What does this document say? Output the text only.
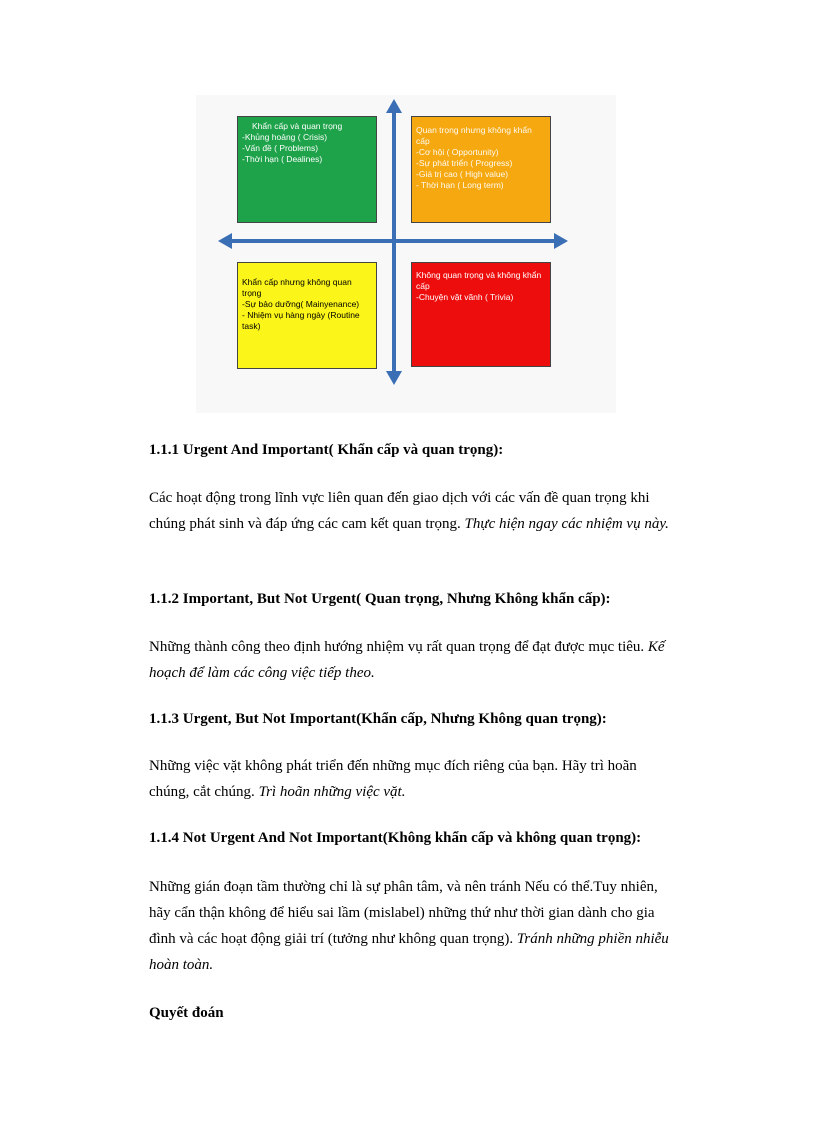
Khẩn cấp và quan trọng
-Khủng hoảng ( Crisis)
-Vấn đề ( Problems)
-Thời hạn ( Dealines)
Quan trọng nhưng không khẩn cấp
-Cơ hội ( Opportunity)
-Sự phát triển ( Progress)
-Giá trị cao ( High value)
- Thời hạn ( Long term)
Khẩn cấp nhưng không quan trọng
-Sự bảo dưỡng( Mainyenance)
- Nhiệm vụ hàng ngày (Routine task)
Không quan trọng và không khẩn cấp
-Chuyện vặt vãnh ( Trivia)
1.1.1 Urgent And Important( Khẩn cấp và quan trọng):
Các hoạt động trong lĩnh vực liên quan đến giao dịch với các vấn đề quan trọng khi chúng phát sinh và đáp ứng các cam kết quan trọng. Thực hiện ngay các nhiệm vụ này.
1.1.2 Important, But Not Urgent( Quan trọng, Nhưng Không khẩn cấp):
Những thành công theo định hướng nhiệm vụ rất quan trọng để đạt được mục tiêu. Kế hoạch để làm các công việc tiếp theo.
1.1.3 Urgent, But Not Important(Khẩn cấp, Nhưng Không quan trọng):
Những việc vặt không phát triển đến những mục đích riêng của bạn. Hãy trì hoãn chúng, cắt chúng. Trì hoãn những việc vặt.
1.1.4 Not Urgent And Not Important(Không khẩn cấp và không quan trọng):
Những gián đoạn tầm thường chỉ là sự phân tâm, và nên tránh Nếu có thể.Tuy nhiên, hãy cẩn thận không để hiểu sai lầm (mislabel) những thứ như thời gian dành cho gia đình và các hoạt động giải trí (tưởng như không quan trọng). Tránh những phiền nhiễu hoàn toàn.
Quyết đoán
